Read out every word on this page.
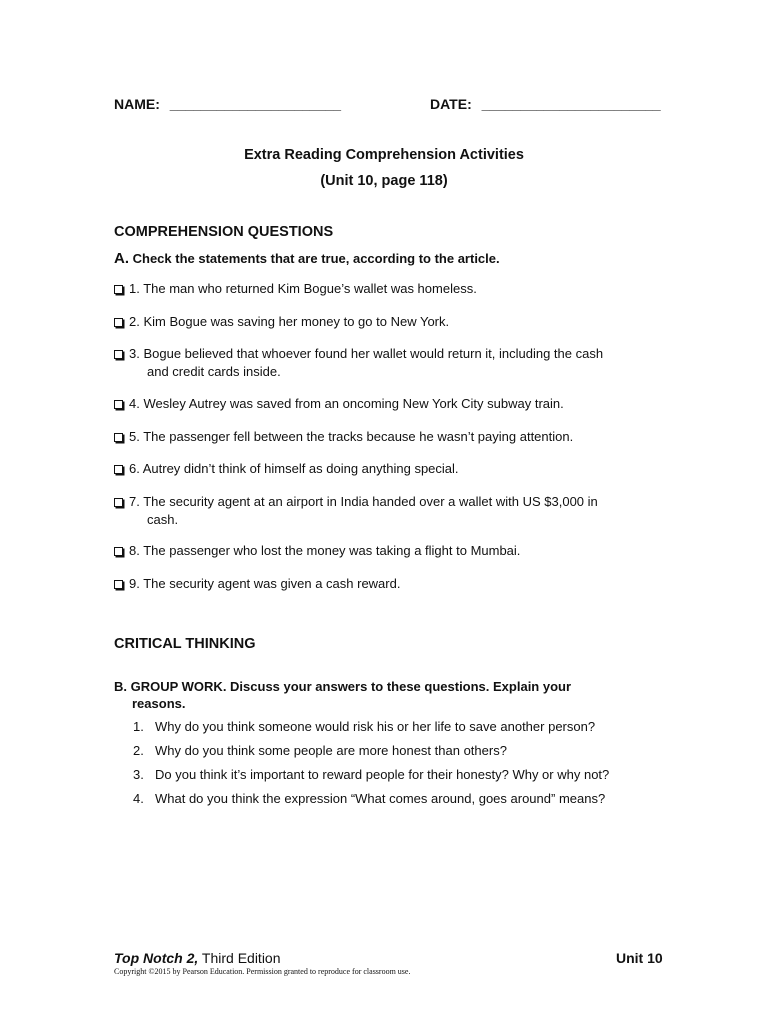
NAME: ______________________	DATE: _______________________
Extra Reading Comprehension Activities
(Unit 10, page 118)
COMPREHENSION QUESTIONS
A. Check the statements that are true, according to the article.
1. The man who returned Kim Bogue’s wallet was homeless.
2. Kim Bogue was saving her money to go to New York.
3. Bogue believed that whoever found her wallet would return it, including the cash
and credit cards inside.
4. Wesley Autrey was saved from an oncoming New York City subway train.
5. The passenger fell between the tracks because he wasn’t paying attention.
6. Autrey didn’t think of himself as doing anything special.
7. The security agent at an airport in India handed over a wallet with US $3,000 in
cash.
8. The passenger who lost the money was taking a flight to Mumbai.
9. The security agent was given a cash reward.
CRITICAL THINKING
B. GROUP WORK. Discuss your answers to these questions. Explain your
reasons.
1. Why do you think someone would risk his or her life to save another person?
2. Why do you think some people are more honest than others?
3. Do you think it’s important to reward people for their honesty? Why or why not?
4. What do you think the expression “What comes around, goes around” means?
Top Notch 2, Third Edition
Copyright ©2015 by Pearson Education. Permission granted to reproduce for classroom use.
Unit 10
